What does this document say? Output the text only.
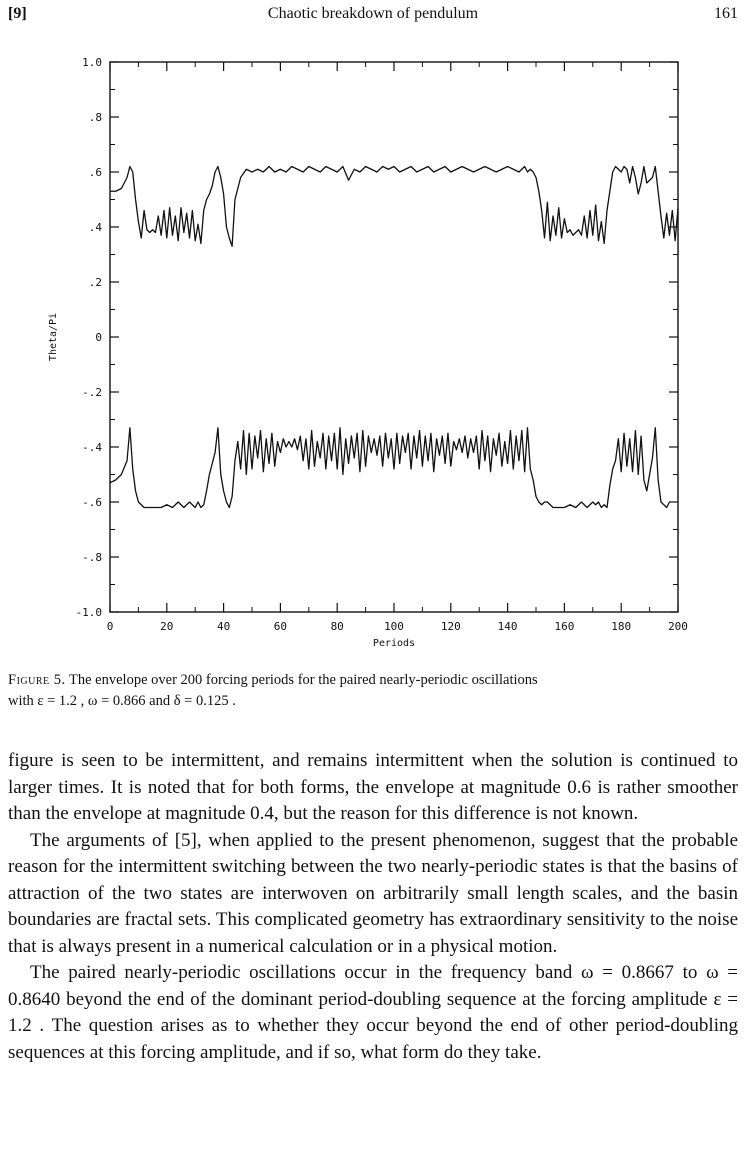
[9]	Chaotic breakdown of pendulum	161
0	20	40	60	80	100	120	140	160	180	200
1.0
.8
.6
.4
.2
0
-.2
-.4
-.6
-.8
-1.0
Periods
Theta/Pi
Figure 5. The envelope over 200 forcing periods for the paired nearly-periodic oscillations
with ε = 1.2 , ω = 0.866 and δ = 0.125 .

figure is seen to be intermittent, and remains intermittent when the solution is continued to larger times. It is noted that for both forms, the envelope at magnitude 0.6 is rather smoother than the envelope at magnitude 0.4, but the reason for this difference is not known.

The arguments of [5], when applied to the present phenomenon, suggest that the probable reason for the intermittent switching between the two nearly-periodic states is that the basins of attraction of the two states are interwoven on arbitrarily small length scales, and the basin boundaries are fractal sets. This complicated geometry has extraordinary sensitivity to the noise that is always present in a numerical calculation or in a physical motion.

The paired nearly-periodic oscillations occur in the frequency band ω = 0.8667 to ω = 0.8640 beyond the end of the dominant period-doubling sequence at the forcing amplitude ε = 1.2 . The question arises as to whether they occur beyond the end of other period-doubling sequences at this forcing amplitude, and if so, what form do they take.
